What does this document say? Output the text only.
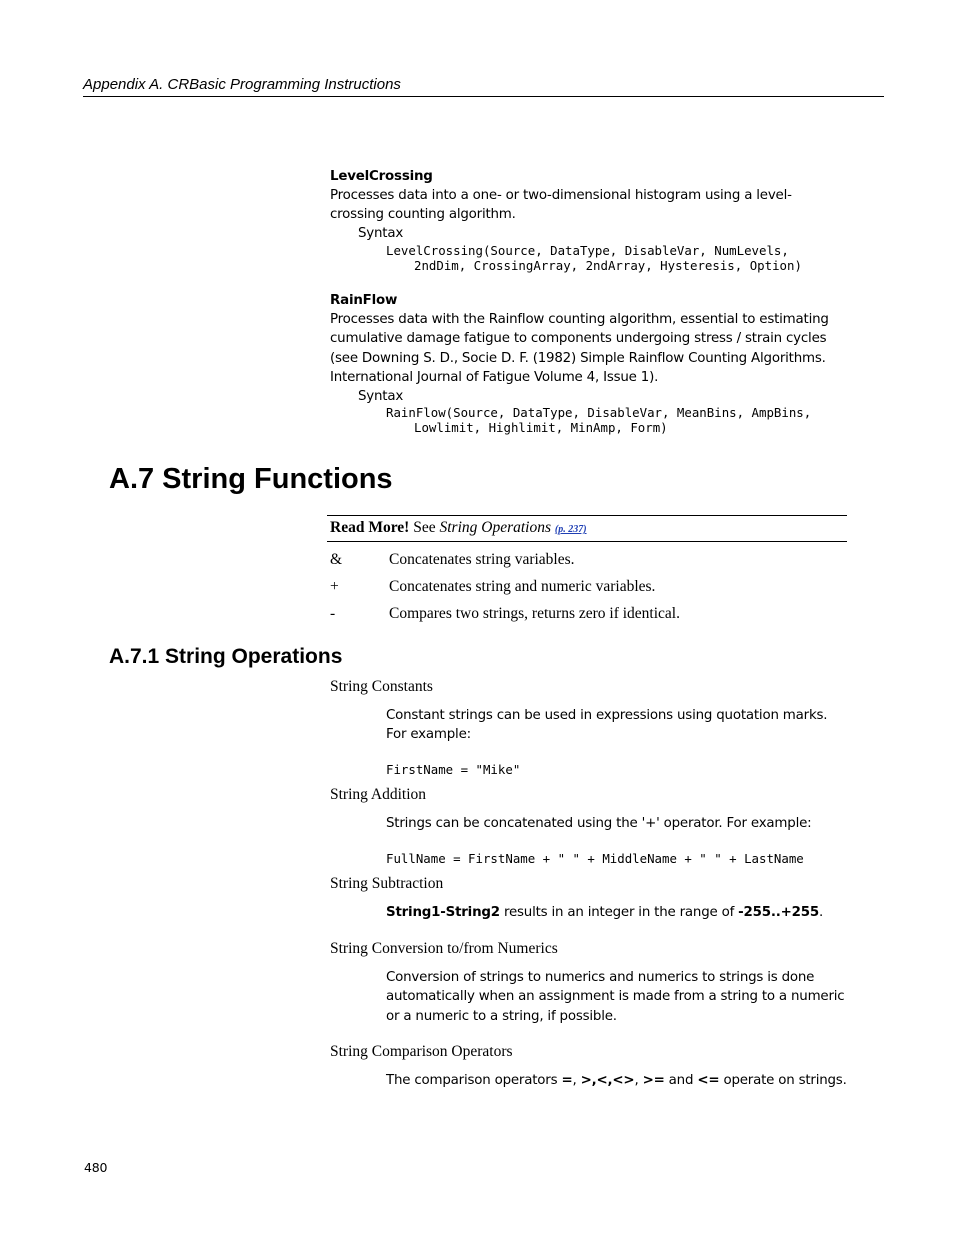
Appendix A. CRBasic Programming Instructions
LevelCrossing
Processes data into a one- or two-dimensional histogram using a level-crossing counting algorithm.
Syntax
LevelCrossing(Source, DataType, DisableVar, NumLevels,
2ndDim, CrossingArray, 2ndArray, Hysteresis, Option)
RainFlow
Processes data with the Rainflow counting algorithm, essential to estimating cumulative damage fatigue to components undergoing stress / strain cycles (see Downing S. D., Socie D. F. (1982) Simple Rainflow Counting Algorithms. International Journal of Fatigue Volume 4, Issue 1).
Syntax
RainFlow(Source, DataType, DisableVar, MeanBins, AmpBins,
Lowlimit, Highlimit, MinAmp, Form)
A.7 String Functions
Read More! See String Operations (p. 237)
&	Concatenates string variables.
+	Concatenates string and numeric variables.
-	Compares two strings, returns zero if identical.
A.7.1 String Operations
String Constants
Constant strings can be used in expressions using quotation marks. For example:
FirstName = "Mike"
String Addition
Strings can be concatenated using the '+' operator. For example:
FullName = FirstName + " " + MiddleName + " " + LastName
String Subtraction
String1-String2 results in an integer in the range of -255..+255.
String Conversion to/from Numerics
Conversion of strings to numerics and numerics to strings is done automatically when an assignment is made from a string to a numeric or a numeric to a string, if possible.
String Comparison Operators
The comparison operators =, >,<,<>, >= and <= operate on strings.
480
